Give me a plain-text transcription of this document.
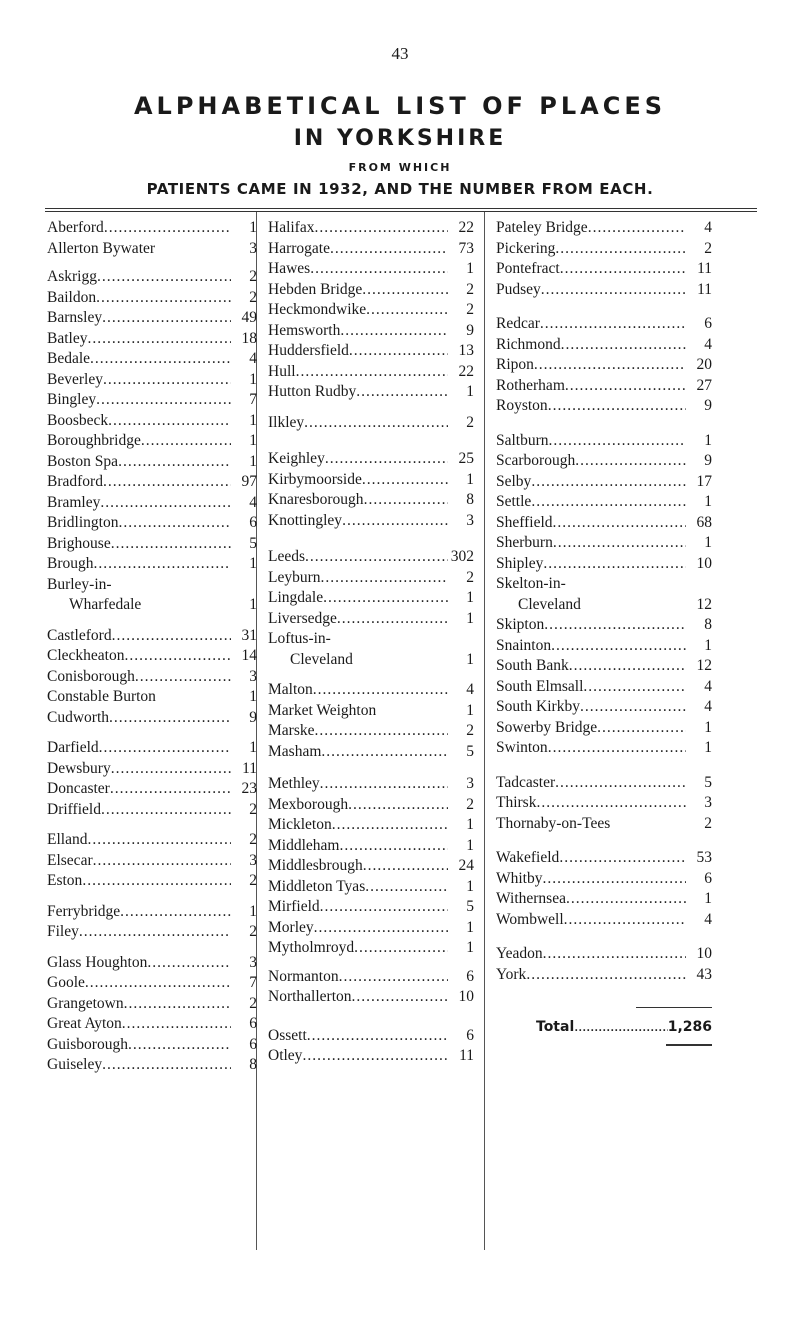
43
ALPHABETICAL LIST OF PLACES
IN YORKSHIRE
FROM WHICH
PATIENTS CAME IN 1932, AND THE NUMBER FROM EACH.
Aberford .....	1
Allerton Bywater	3
Askrigg .....	2
Baildon .....	2
Barnsley .....	49
Batley .....	18
Bedale .....	4
Beverley .....	1
Bingley .....	7
Boosbeck .....	1
Boroughbridge .....	1
Boston Spa .....	1
Bradford .....	97
Bramley .....	4
Bridlington .....	6
Brighouse .....	5
Brough .....	1
Burley-in-
Wharfedale	1
Castleford .....	31
Cleckheaton .....	14
Conisborough .....	3
Constable Burton	1
Cudworth .....	9
Darfield .....	1
Dewsbury .....	11
Doncaster .....	23
Driffield .....	2
Elland .....	2
Elsecar .....	3
Eston .....	2
Ferrybridge .....	1
Filey .....	2
Glass Houghton .....	3
Goole .....	7
Grangetown .....	2
Great Ayton .....	6
Guisborough .....	6
Guiseley .....	8
Halifax .....	22
Harrogate .....	73
Hawes .....	1
Hebden Bridge .....	2
Heckmondwike .....	2
Hemsworth .....	9
Huddersfield .....	13
Hull .....	22
Hutton Rudby .....	1
Ilkley .....	2
Keighley .....	25
Kirbymoorside .....	1
Knaresborough .....	8
Knottingley .....	3
Leeds .....	302
Leyburn .....	2
Lingdale .....	1
Liversedge .....	1
Loftus-in-
Cleveland	1
Malton .....	4
Market Weighton	1
Marske .....	2
Masham .....	5
Methley .....	3
Mexborough .....	2
Mickleton .....	1
Middleham .....	1
Middlesbrough .....	24
Middleton Tyas .....	1
Mirfield .....	5
Morley .....	1
Mytholmroyd .....	1
Normanton .....	6
Northallerton .....	10
Ossett .....	6
Otley .....	11
Pateley Bridge .....	4
Pickering .....	2
Pontefract .....	11
Pudsey .....	11
Redcar .....	6
Richmond .....	4
Ripon .....	20
Rotherham .....	27
Royston .....	9
Saltburn .....	1
Scarborough .....	9
Selby .....	17
Settle .....	1
Sheffield .....	68
Sherburn .....	1
Shipley .....	10
Skelton-in-
Cleveland	12
Skipton .....	8
Snainton .....	1
South Bank .....	12
South Elmsall .....	4
South Kirkby .....	4
Sowerby Bridge .....	1
Swinton .....	1
Tadcaster .....	5
Thirsk .....	3
Thornaby-on-Tees	2
Wakefield .....	53
Whitby .....	6
Withernsea .....	1
Wombwell .....	4
Yeadon .....	10
York .....	43
Total .....	1,286
